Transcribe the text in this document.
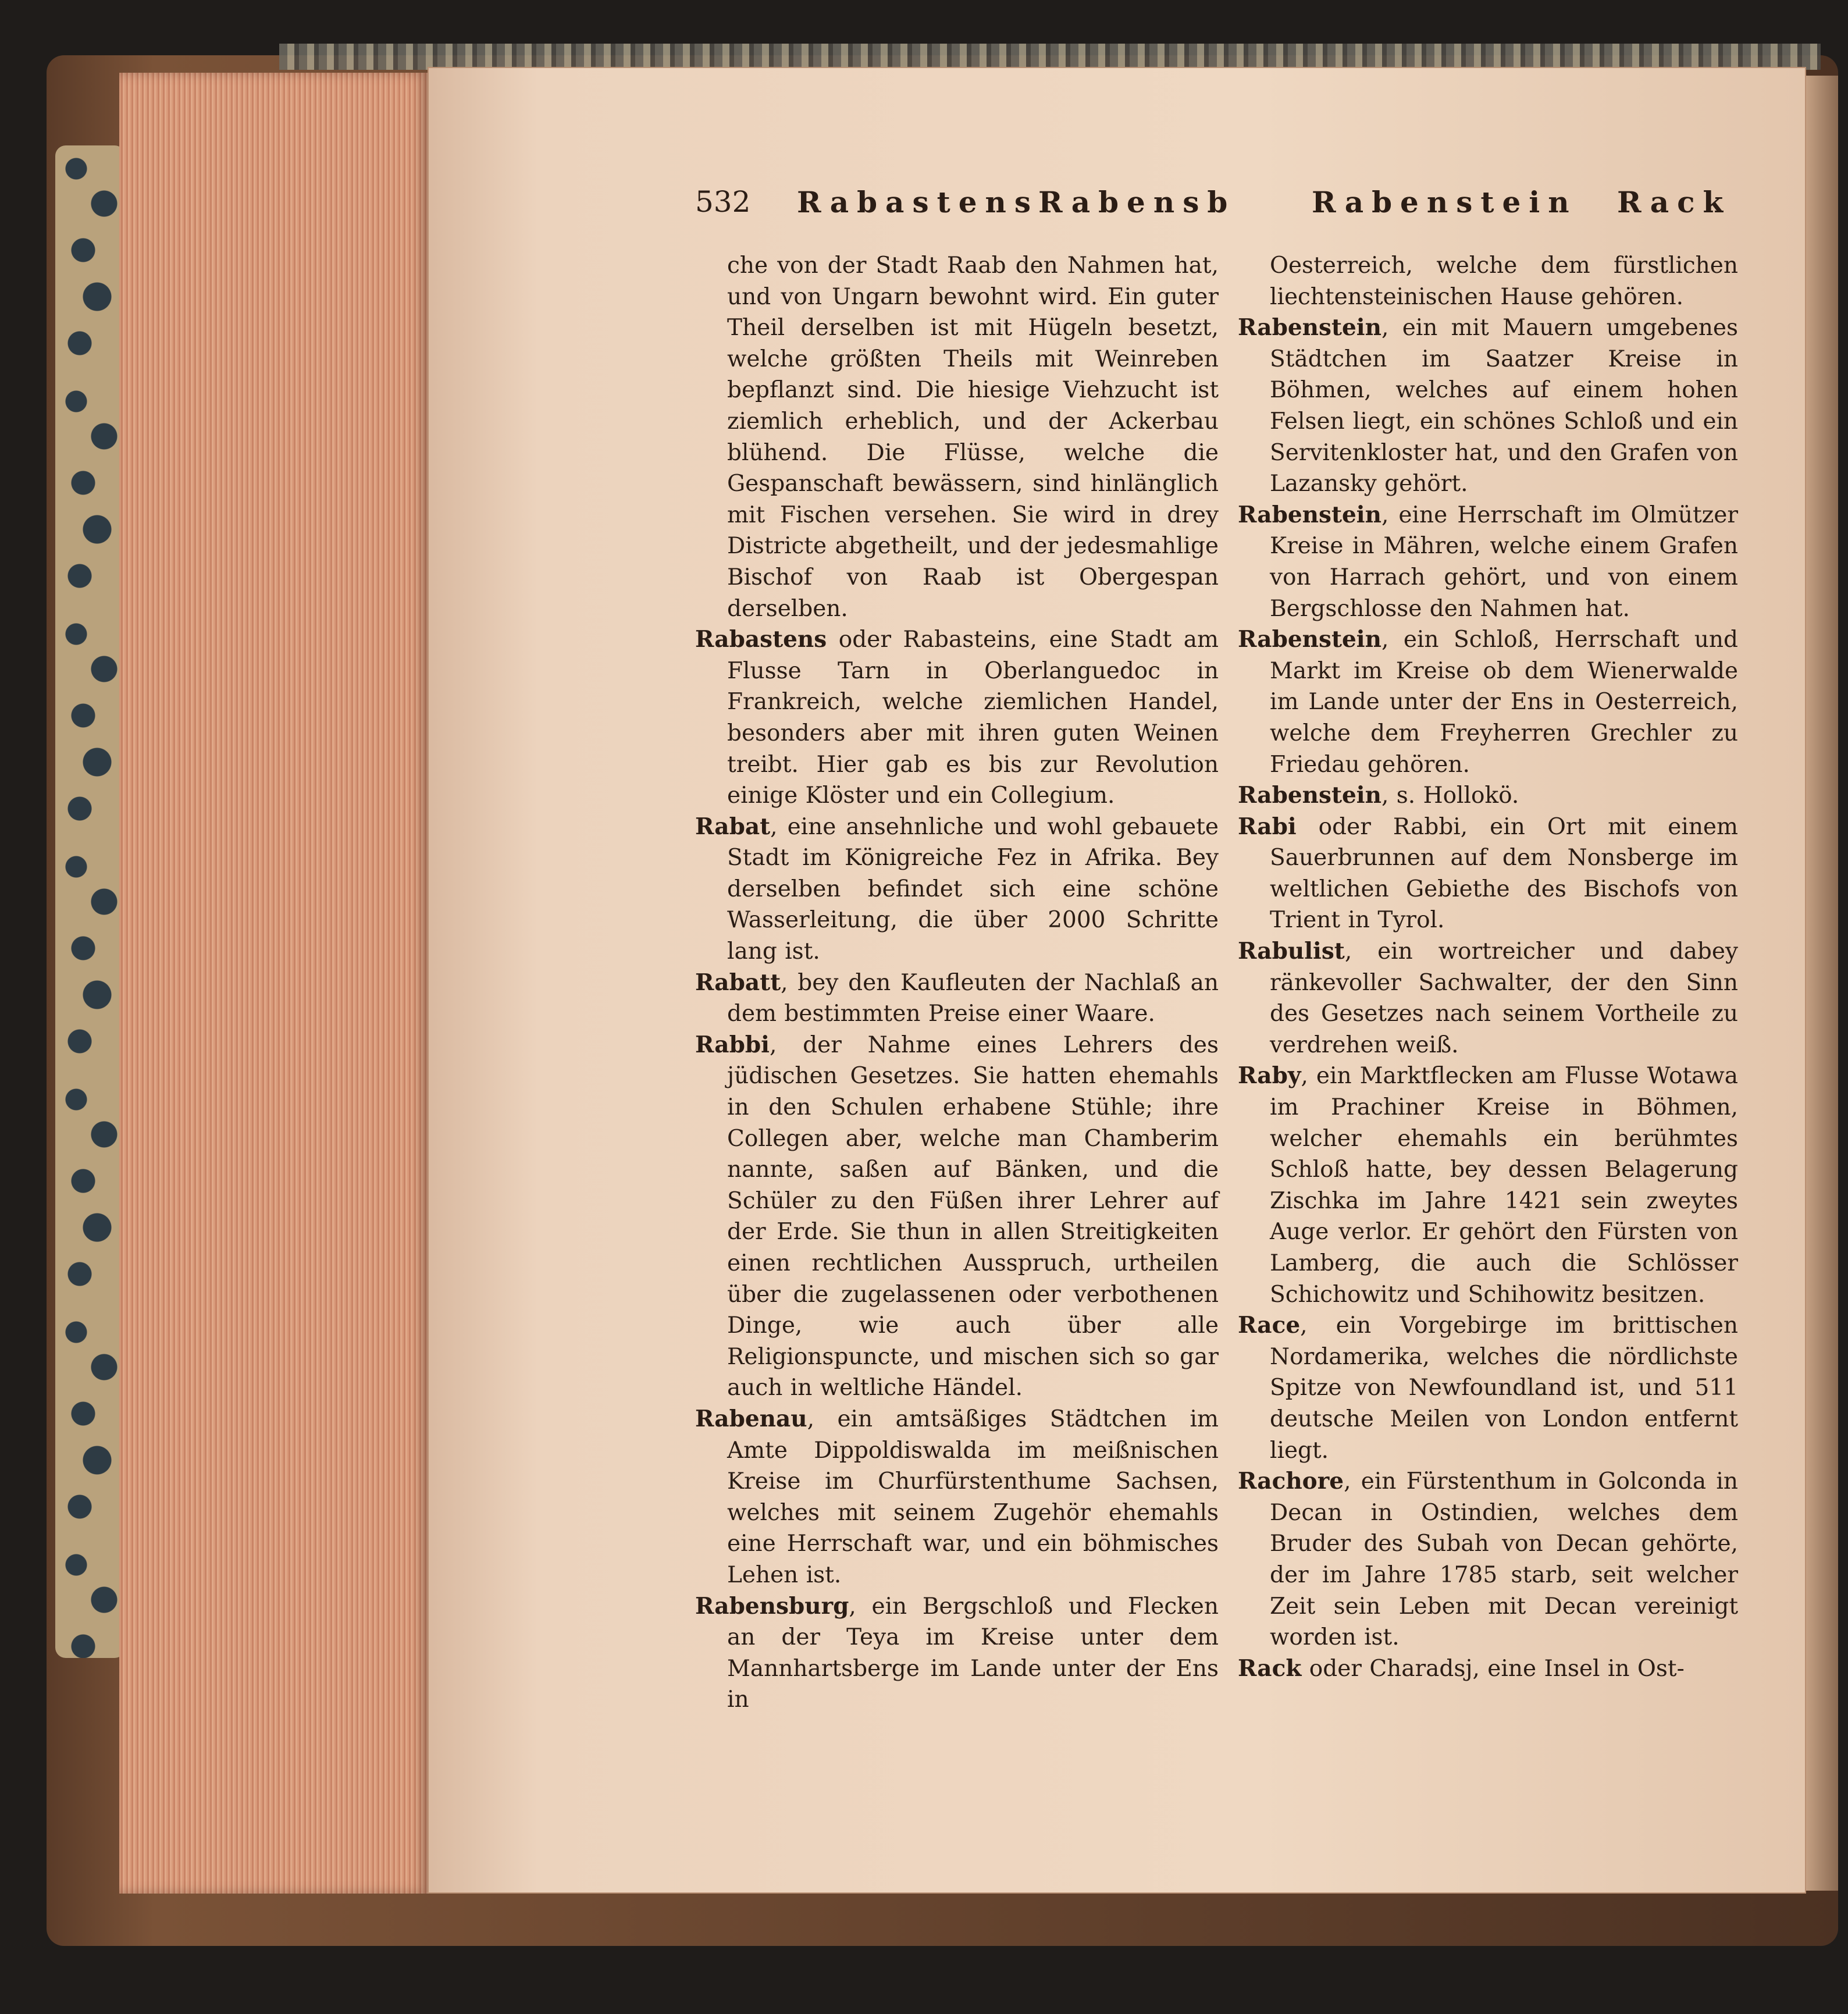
532 Rabastens
Rabensb	Rabenstein Rack

che von der Stadt Raab den Nahmen hat, und von Ungarn bewohnt wird. Ein guter Theil derselben ist mit Hügeln besetzt, welche größten Theils mit Weinreben bepflanzt sind. Die hiesige Viehzucht ist ziemlich erheblich, und der Ackerbau blühend. Die Flüsse, welche die Gespanschaft bewässern, sind hinlänglich mit Fischen versehen. Sie wird in drey Districte abgetheilt, und der jedesmahlige Bischof von Raab ist Obergespan derselben.

Rabastens oder Rabasteins, eine Stadt am Flusse Tarn in Oberlanguedoc in Frankreich, welche ziemlichen Handel, besonders aber mit ihren guten Weinen treibt. Hier gab es bis zur Revolution einige Klöster und ein Collegium.

Rabat, eine ansehnliche und wohl gebauete Stadt im Königreiche Fez in Afrika. Bey derselben befindet sich eine schöne Wasserleitung, die über 2000 Schritte lang ist.

Rabatt, bey den Kaufleuten der Nachlaß an dem bestimmten Preise einer Waare.

Rabbi, der Nahme eines Lehrers des jüdischen Gesetzes. Sie hatten ehemahls in den Schulen erhabene Stühle; ihre Collegen aber, welche man Chamberim nannte, saßen auf Bänken, und die Schüler zu den Füßen ihrer Lehrer auf der Erde. Sie thun in allen Streitigkeiten einen rechtlichen Ausspruch, urtheilen über die zugelassenen oder verbothenen Dinge, wie auch über alle Religionspuncte, und mischen sich so gar auch in weltliche Händel.

Rabenau, ein amtsäßiges Städtchen im Amte Dippoldiswalda im meißnischen Kreise im Churfürstenthume Sachsen, welches mit seinem Zugehör ehemahls eine Herrschaft war, und ein böhmisches Lehen ist.

Rabensburg, ein Bergschloß und Flecken an der Teya im Kreise unter dem Mannhartsberge im Lande unter der Ens in

Oesterreich, welche dem fürstlichen liechtensteinischen Hause gehören.

Rabenstein, ein mit Mauern umgebenes Städtchen im Saatzer Kreise in Böhmen, welches auf einem hohen Felsen liegt, ein schönes Schloß und ein Servitenkloster hat, und den Grafen von Lazansky gehört.

Rabenstein, eine Herrschaft im Olmützer Kreise in Mähren, welche einem Grafen von Harrach gehört, und von einem Bergschlosse den Nahmen hat.

Rabenstein, ein Schloß, Herrschaft und Markt im Kreise ob dem Wienerwalde im Lande unter der Ens in Oesterreich, welche dem Freyherren Grechler zu Friedau gehören.

Rabenstein, s. Hollokö.

Rabi oder Rabbi, ein Ort mit einem Sauerbrunnen auf dem Nonsberge im weltlichen Gebiethe des Bischofs von Trient in Tyrol.

Rabulist, ein wortreicher und dabey ränkevoller Sachwalter, der den Sinn des Gesetzes nach seinem Vortheile zu verdrehen weiß.

Raby, ein Marktflecken am Flusse Wotawa im Prachiner Kreise in Böhmen, welcher ehemahls ein berühmtes Schloß hatte, bey dessen Belagerung Zischka im Jahre 1421 sein zweytes Auge verlor. Er gehört den Fürsten von Lamberg, die auch die Schlösser Schichowitz und Schihowitz besitzen.

Race, ein Vorgebirge im brittischen Nordamerika, welches die nördlichste Spitze von Newfoundland ist, und 511 deutsche Meilen von London entfernt liegt.

Rachore, ein Fürstenthum in Golconda in Decan in Ostindien, welches dem Bruder des Subah von Decan gehörte, der im Jahre 1785 starb, seit welcher Zeit sein Leben mit Decan vereinigt worden ist.

Rack oder Charadsj, eine Insel in Ost-
